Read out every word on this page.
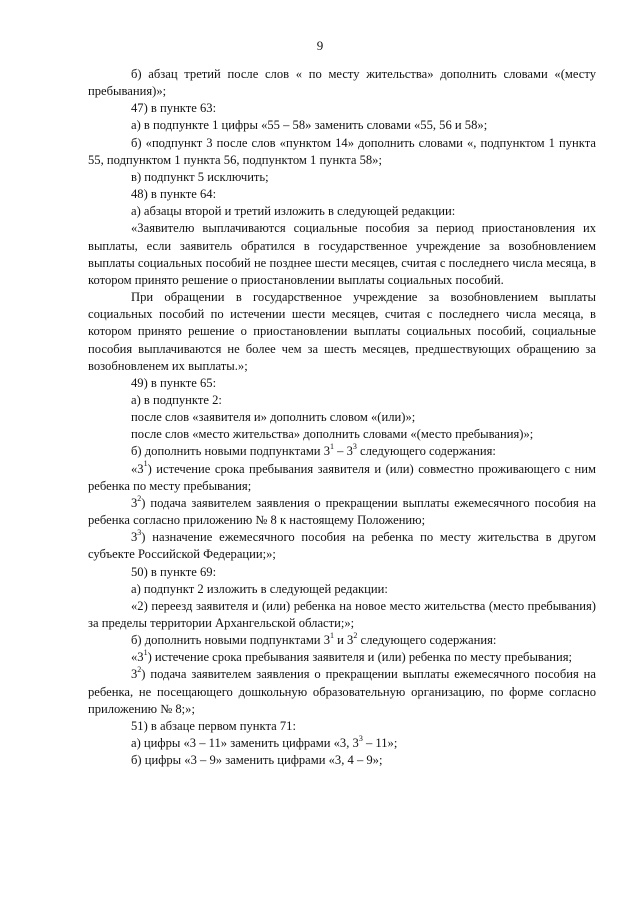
9

б) абзац третий после слов « по месту жительства» дополнить словами «(месту пребывания)»;

47) в пункте 63:

а) в подпункте 1 цифры «55 – 58» заменить словами «55, 56 и 58»;

б) «подпункт 3 после слов «пунктом 14» дополнить словами «, подпунктом 1 пункта 55, подпунктом 1 пункта 56, подпунктом 1 пункта 58»;

в) подпункт 5 исключить;

48) в пункте 64:

а) абзацы второй и третий изложить в следующей редакции:

«Заявителю выплачиваются социальные пособия за период приостановления их выплаты, если заявитель обратился в государственное учреждение за возобновлением выплаты социальных пособий не позднее шести месяцев, считая с последнего числа месяца, в котором принято решение о приостановлении выплаты социальных пособий.

При обращении в государственное учреждение за возобновлением выплаты социальных пособий по истечении шести месяцев, считая с последнего числа месяца, в котором принято решение о приостановлении выплаты социальных пособий, социальные пособия выплачиваются не более чем за шесть месяцев, предшествующих обращению за возобновленем их выплаты.»;

49) в пункте 65:

а) в подпункте 2:

после слов «заявителя и» дополнить словом «(или)»;

после слов «место жительства» дополнить словами «(место пребывания)»;

б) дополнить новыми подпунктами $3^1 - 3^3$ следующего содержания:

«$3^1$) истечение срока пребывания заявителя и (или) совместно проживающего с ним ребенка по месту пребывания;

$3^2$) подача заявителем заявления о прекращении выплаты ежемесячного пособия на ребенка согласно приложению № 8 к настоящему Положению;

$3^3$) назначение ежемесячного пособия на ребенка по месту жительства в другом субъекте Российской Федерации;»;

50) в пункте 69:

а) подпункт 2 изложить в следующей редакции:

«2) переезд заявителя и (или) ребенка на новое место жительства (место пребывания) за пределы территории Архангельской области;»;

б) дополнить новыми подпунктами $3^1$ и $3^2$ следующего содержания:

«$3^1$) истечение срока пребывания заявителя и (или) ребенка по месту пребывания;

$3^2$) подача заявителем заявления о прекращении выплаты ежемесячного пособия на ребенка, не посещающего дошкольную образовательную организацию, по форме согласно приложению № 8;»;

51) в абзаце первом пункта 71:

а) цифры «3 – 11» заменить цифрами «3, $3^3 - 11$»;

б) цифры «3 – 9» заменить цифрами «3, 4 – 9»;
